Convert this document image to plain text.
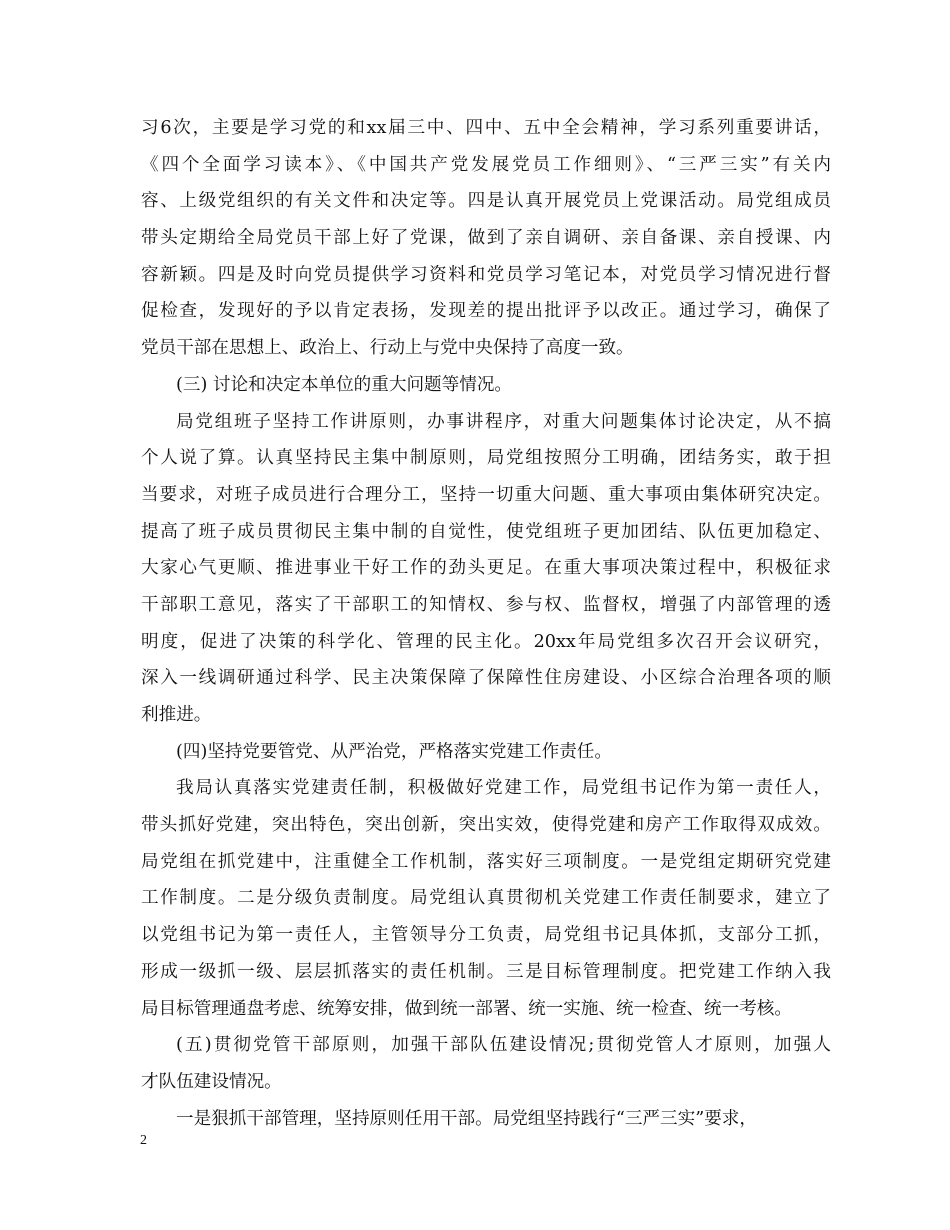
习6次，主要是学习党的和xx届三中、四中、五中全会精神，学习系列重要讲话，
《四个全面学习读本》、《中国共产党发展党员工作细则》、“三严三实”有关内
容、上级党组织的有关文件和决定等。四是认真开展党员上党课活动。局党组成员
带头定期给全局党员干部上好了党课，做到了亲自调研、亲自备课、亲自授课、内
容新颖。四是及时向党员提供学习资料和党员学习笔记本，对党员学习情况进行督
促检查，发现好的予以肯定表扬，发现差的提出批评予以改正。通过学习，确保了
党员干部在思想上、政治上、行动上与党中央保持了高度一致。
(三) 讨论和决定本单位的重大问题等情况。
局党组班子坚持工作讲原则，办事讲程序，对重大问题集体讨论决定，从不搞
个人说了算。认真坚持民主集中制原则，局党组按照分工明确，团结务实，敢于担
当要求，对班子成员进行合理分工，坚持一切重大问题、重大事项由集体研究决定。
提高了班子成员贯彻民主集中制的自觉性，使党组班子更加团结、队伍更加稳定、
大家心气更顺、推进事业干好工作的劲头更足。在重大事项决策过程中，积极征求
干部职工意见，落实了干部职工的知情权、参与权、监督权，增强了内部管理的透
明度，促进了决策的科学化、管理的民主化。20xx年局党组多次召开会议研究，
深入一线调研通过科学、民主决策保障了保障性住房建设、小区综合治理各项的顺
利推进。
(四)坚持党要管党、从严治党，严格落实党建工作责任。
我局认真落实党建责任制，积极做好党建工作，局党组书记作为第一责任人，
带头抓好党建，突出特色，突出创新，突出实效，使得党建和房产工作取得双成效。
局党组在抓党建中，注重健全工作机制，落实好三项制度。一是党组定期研究党建
工作制度。二是分级负责制度。局党组认真贯彻机关党建工作责任制要求，建立了
以党组书记为第一责任人，主管领导分工负责，局党组书记具体抓，支部分工抓，
形成一级抓一级、层层抓落实的责任机制。三是目标管理制度。把党建工作纳入我
局目标管理通盘考虑、统筹安排，做到统一部署、统一实施、统一检查、统一考核。
(五)贯彻党管干部原则，加强干部队伍建设情况;贯彻党管人才原则，加强人
才队伍建设情况。
一是狠抓干部管理，坚持原则任用干部。局党组坚持践行“三严三实”要求，
2
